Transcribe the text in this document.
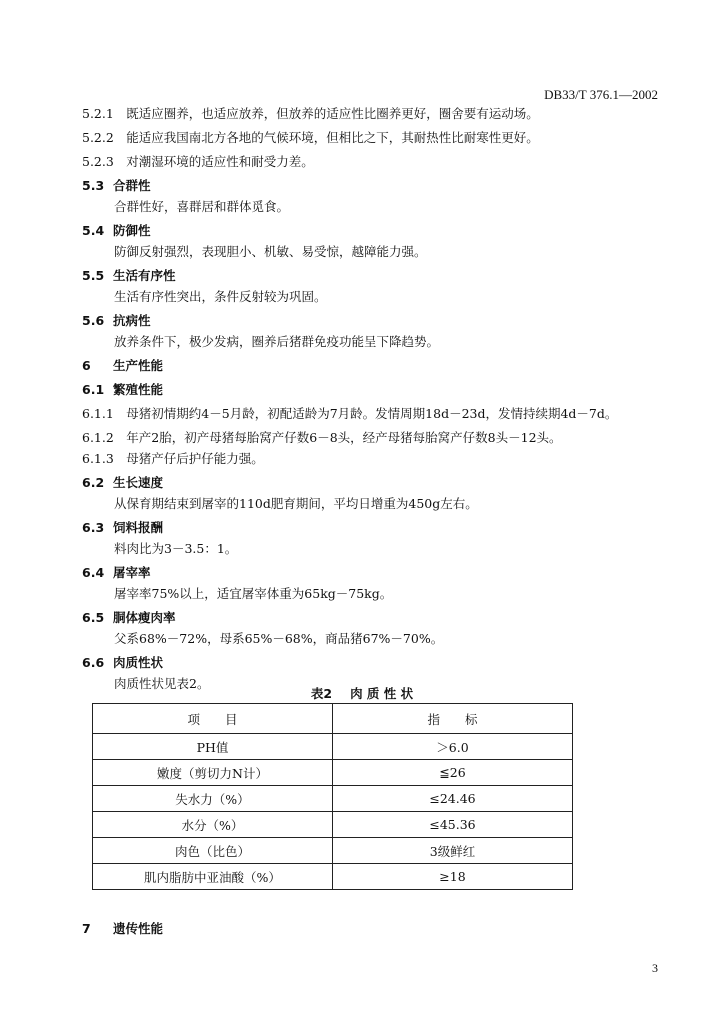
DB33/T 376.1—2002
5.2.1　既适应圈养，也适应放养，但放养的适应性比圈养更好，圈舍要有运动场。
5.2.2　能适应我国南北方各地的气候环境，但相比之下，其耐热性比耐寒性更好。
5.2.3　对潮湿环境的适应性和耐受力差。
5.3 合群性
合群性好，喜群居和群体觅食。
5.4 防御性
防御反射强烈，表现胆小、机敏、易受惊，越障能力强。
5.5 生活有序性
生活有序性突出，条件反射较为巩固。
5.6 抗病性
放养条件下，极少发病，圈养后猪群免疫功能呈下降趋势。
6 生产性能
6.1 繁殖性能
6.1.1　母猪初情期约4－5月龄，初配适龄为7月龄。发情周期18d－23d，发情持续期4d－7d。
6.1.2　年产2胎，初产母猪每胎窝产仔数6－8头，经产母猪每胎窝产仔数8头－12头。
6.1.3　母猪产仔后护仔能力强。
6.2 生长速度
从保育期结束到屠宰的110d肥育期间，平均日增重为450g左右。
6.3 饲料报酬
料肉比为3－3.5：1。
6.4 屠宰率
屠宰率75%以上，适宜屠宰体重为65kg－75kg。
6.5 胴体瘦肉率
父系68%－72%，母系65%－68%，商品猪67%－70%。
6.6 肉质性状
肉质性状见表2。
表2 肉 质 性 状
项　　目	指　　标
PH值	＞6.0
嫩度（剪切力N计）	≦26
失水力（%）	≤24.46
水分（%）	≤45.36
肉色（比色）	3级鲜红
肌内脂肪中亚油酸（%）	≥18
7 遗传性能
3
